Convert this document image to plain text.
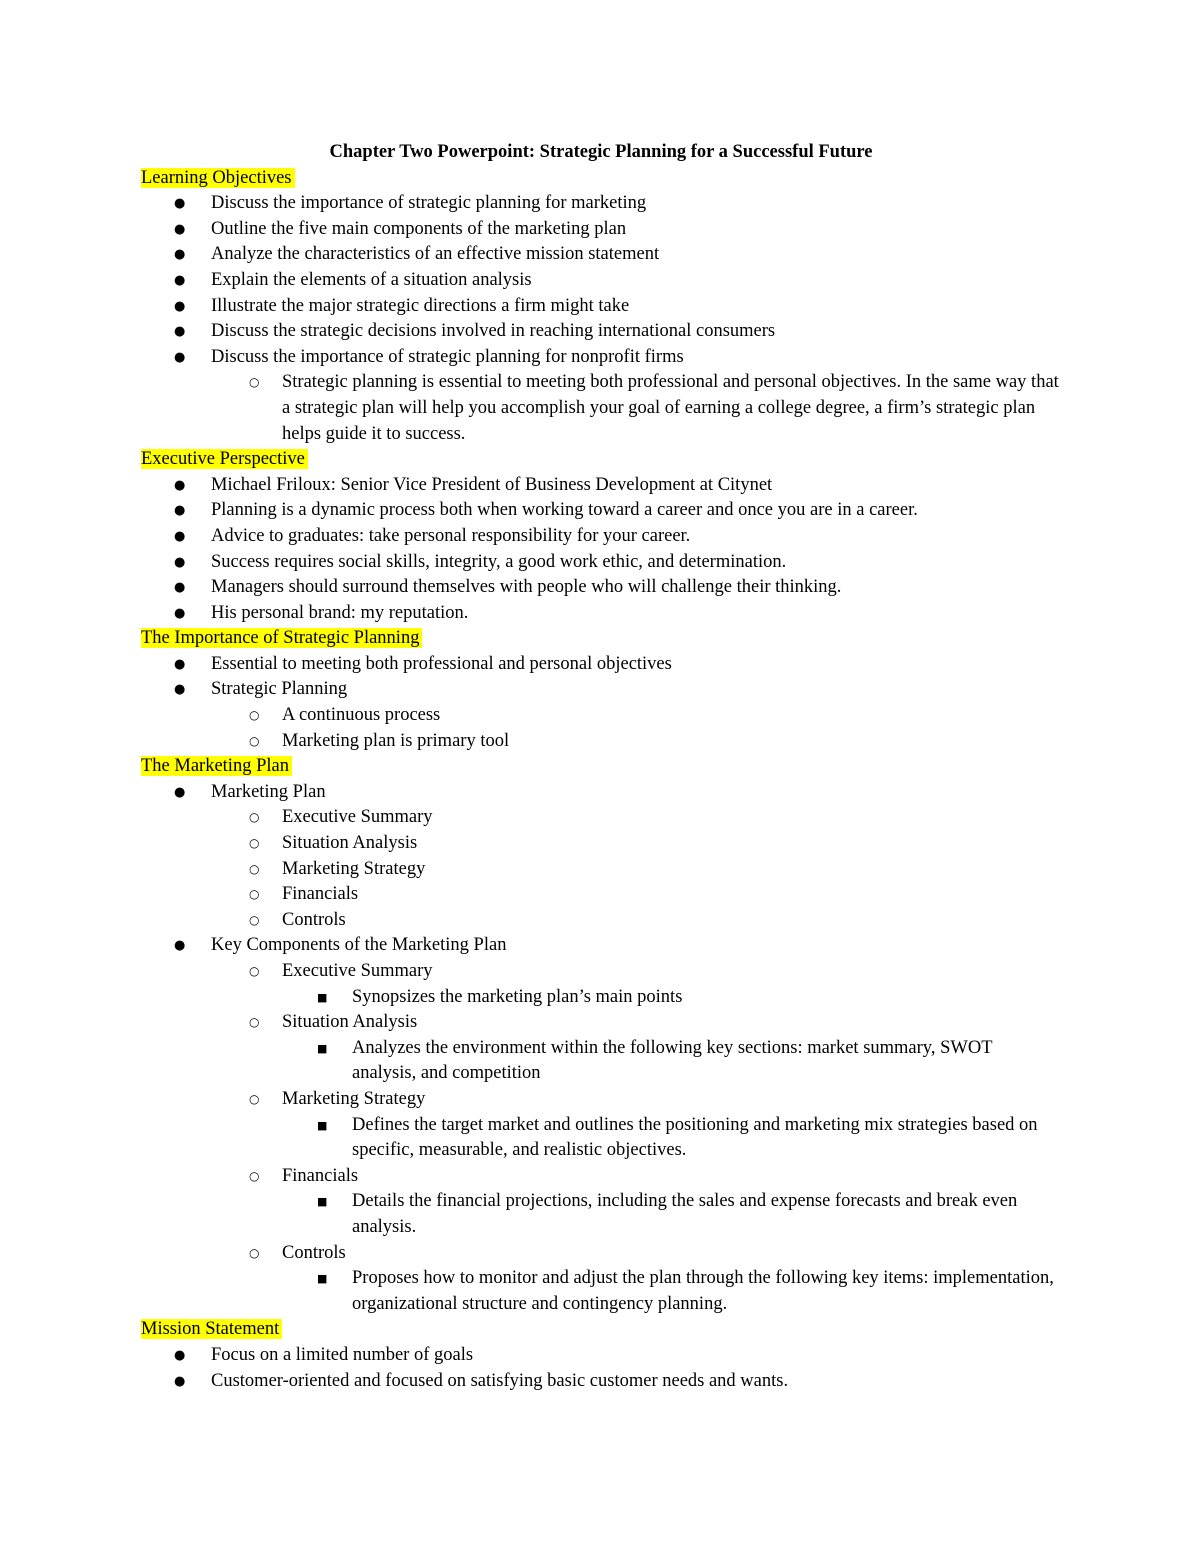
Chapter Two Powerpoint: Strategic Planning for a Successful Future
Learning Objectives
● Discuss the importance of strategic planning for marketing
● Outline the five main components of the marketing plan
● Analyze the characteristics of an effective mission statement
● Explain the elements of a situation analysis
● Illustrate the major strategic directions a firm might take
● Discuss the strategic decisions involved in reaching international consumers
● Discuss the importance of strategic planning for nonprofit firms
○ Strategic planning is essential to meeting both professional and personal objectives. In the same way that a strategic plan will help you accomplish your goal of earning a college degree, a firm’s strategic plan helps guide it to success.
Executive Perspective
● Michael Friloux: Senior Vice President of Business Development at Citynet
● Planning is a dynamic process both when working toward a career and once you are in a career.
● Advice to graduates: take personal responsibility for your career.
● Success requires social skills, integrity, a good work ethic, and determination.
● Managers should surround themselves with people who will challenge their thinking.
● His personal brand: my reputation.
The Importance of Strategic Planning
● Essential to meeting both professional and personal objectives
● Strategic Planning
○ A continuous process
○ Marketing plan is primary tool
The Marketing Plan
● Marketing Plan
○ Executive Summary
○ Situation Analysis
○ Marketing Strategy
○ Financials
○ Controls
● Key Components of the Marketing Plan
○ Executive Summary
■ Synopsizes the marketing plan’s main points
○ Situation Analysis
■ Analyzes the environment within the following key sections: market summary, SWOT analysis, and competition
○ Marketing Strategy
■ Defines the target market and outlines the positioning and marketing mix strategies based on specific, measurable, and realistic objectives.
○ Financials
■ Details the financial projections, including the sales and expense forecasts and break even analysis.
○ Controls
■ Proposes how to monitor and adjust the plan through the following key items: implementation, organizational structure and contingency planning.
Mission Statement
● Focus on a limited number of goals
● Customer-oriented and focused on satisfying basic customer needs and wants.
